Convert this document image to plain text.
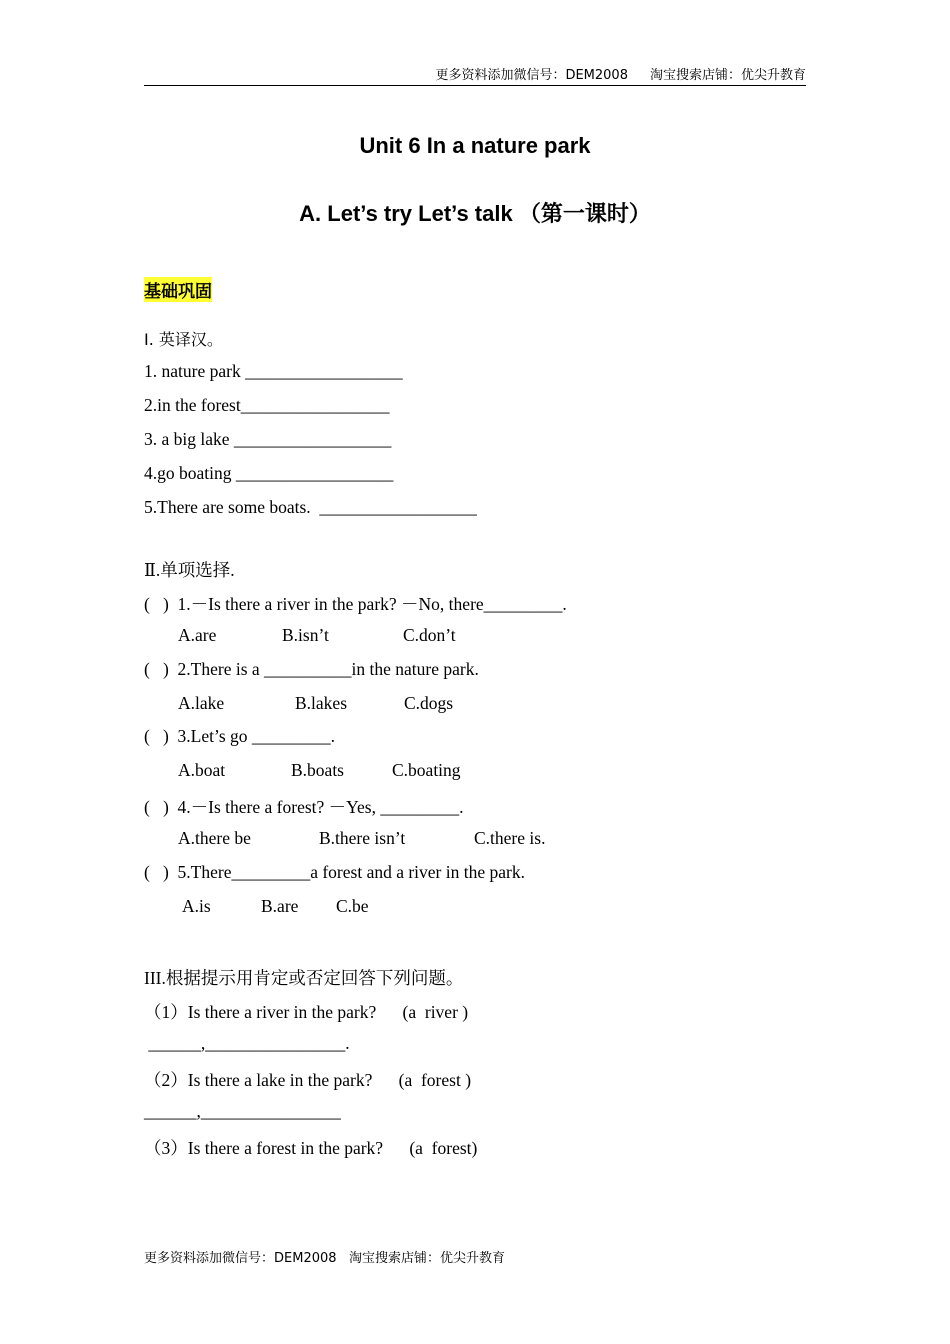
更多资料添加微信号：DEM2008 淘宝搜索店铺：优尖升教育
Unit 6 In a nature park
A. Let’s try Let’s talk （第一课时）
基础巩固
Ⅰ. 英译汉。
1. nature park __________________
2.in the forest_________________
3. a big lake __________________
4.go boating __________________
5.There are some boats.  __________________
Ⅱ.单项选择.
(   )  1.－Is there a river in the park? －No, there_________.
A.are	B.isn’t	C.don’t
(   )  2.There is a __________in the nature park.
A.lake	B.lakes	C.dogs
(   )  3.Let’s go _________.
A.boat	B.boats	C.boating
(   )  4.－Is there a forest? －Yes, _________.
A.there be	B.there isn’t	C.there is.
(   )  5.There_________a forest and a river in the park.
A.is	B.are C.be
III.根据提示用肯定或否定回答下列问题。
（1）Is there a river in the park?      (a  river )
______,________________.
（2）Is there a lake in the park?      (a  forest )
______,________________
（3）Is there a forest in the park?      (a  forest)
更多资料添加微信号：DEM2008 淘宝搜索店铺：优尖升教育
